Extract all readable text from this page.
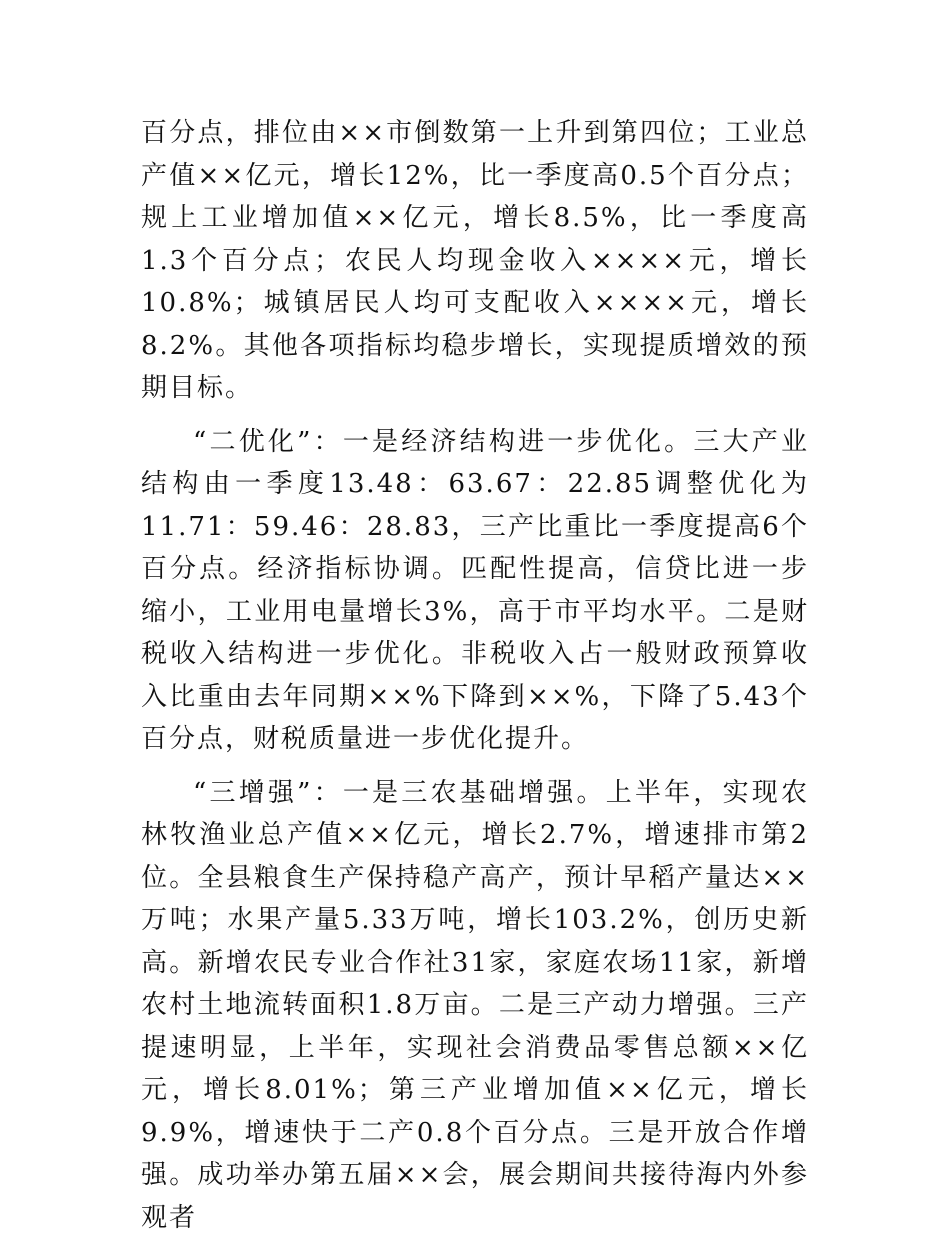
百分点，排位由××市倒数第一上升到第四位；工业总产值××亿元，增长12%，比一季度高0.5个百分点；规上工业增加值××亿元，增长8.5%，比一季度高1.3个百分点；农民人均现金收入××××元，增长10.8%；城镇居民人均可支配收入××××元，增长8.2%。其他各项指标均稳步增长，实现提质增效的预期目标。

“二优化”：一是经济结构进一步优化。三大产业结构由一季度13.48：63.67：22.85调整优化为11.71：59.46：28.83，三产比重比一季度提高6个百分点。经济指标协调。匹配性提高，信贷比进一步缩小，工业用电量增长3%，高于市平均水平。二是财税收入结构进一步优化。非税收入占一般财政预算收入比重由去年同期××%下降到××%，下降了5.43个百分点，财税质量进一步优化提升。

“三增强”：一是三农基础增强。上半年，实现农林牧渔业总产值××亿元，增长2.7%，增速排市第2位。全县粮食生产保持稳产高产，预计早稻产量达××万吨；水果产量5.33万吨，增长103.2%，创历史新高。新增农民专业合作社31家，家庭农场11家，新增农村土地流转面积1.8万亩。二是三产动力增强。三产提速明显，上半年，实现社会消费品零售总额××亿元，增长8.01%；第三产业增加值××亿元，增长9.9%，增速快于二产0.8个百分点。三是开放合作增强。成功举办第五届××会，展会期间共接待海内外参观者
